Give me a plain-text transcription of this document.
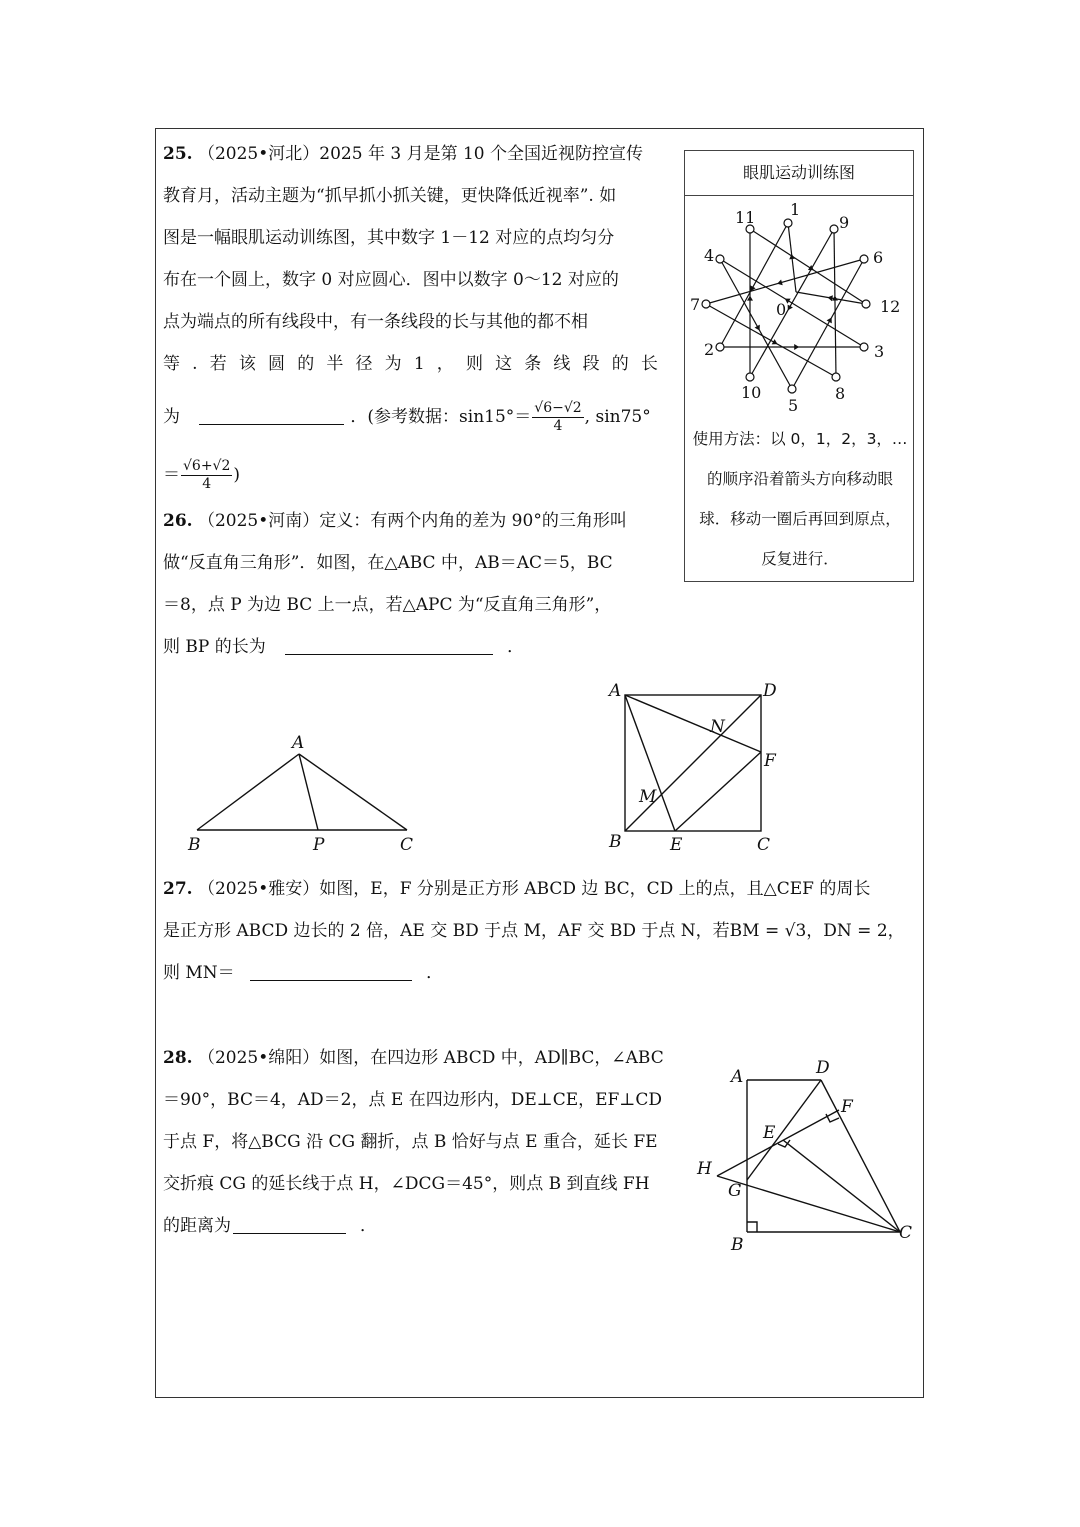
25. （2025•河北）2025 年 3 月是第 10 个全国近视防控宣传
教育月，活动主题为“抓早抓小抓关键，更快降低近视率”. 如
图是一幅眼肌运动训练图，其中数字 1－12 对应的点均匀分
布在一个圆上，数字 0 对应圆心．图中以数字 0～12 对应的
点为端点的所有线段中，有一条线段的长与其他的都不相
等 . 若 该 圆 的 半 径 为 1 ， 则 这 条 线 段 的 长
为	．(参考数据：$\sin 15^\circ= \frac{√6-√2}{4}$ , sin75°
＝ $\frac{√6+√2}{4}$ )
眼肌运动训练图
使用方法：以 0，1，2，3，…
的顺序沿着箭头方向移动眼
球．移动一圈后再回到原点，
反复进行．
0
1
2	3
4
5
6
7
8
9
10
11
12
26. （2025•河南）定义：有两个内角的差为 90°的三角形叫
做“反直角三角形”．如图，在△ABC 中，AB＝AC＝5，BC
＝8，点 P 为边 BC 上一点，若△APC 为“反直角三角形”，
则 BP 的长为	．
A
B	P	C
A	D
N
F
M
B	E	C
27. （2025•雅安）如图，E，F 分别是正方形 ABCD 边 BC，CD 上的点，且△CEF 的周长
是正方形 ABCD 边长的 2 倍，AE 交 BD 于点 M，AF 交 BD 于点 N，若BM = √3，DN = 2，
则 MN＝	．
28. （2025•绵阳）如图，在四边形 ABCD 中，AD∥BC，∠ABC
＝90°，BC＝4，AD＝2，点 E 在四边形内，DE⊥CE，EF⊥CD
于点 F，将△BCG 沿 CG 翻折，点 B 恰好与点 E 重合，延长 FE
交折痕 CG 的延长线于点 H，∠DCG＝45°，则点 B 到直线 FH
的距离为	．
A	D
F
E
H
G
B
C
